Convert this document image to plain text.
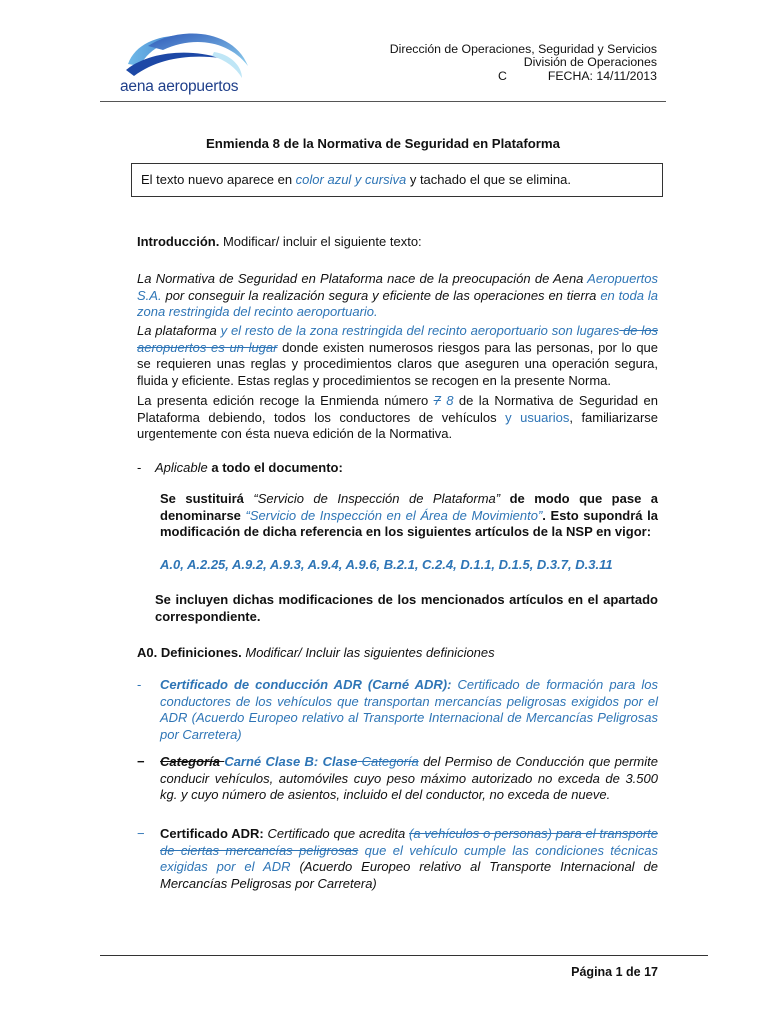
aena aeropuertos
Dirección de Operaciones, Seguridad y Servicios
División de Operaciones
C	FECHA: 14/11/2013
Enmienda 8 de la Normativa de Seguridad en Plataforma
El texto nuevo aparece en color azul y cursiva y tachado el que se elimina.
Introducción. Modificar/ incluir el siguiente texto:
La Normativa de Seguridad en Plataforma nace de la preocupación de Aena Aeropuertos S.A. por conseguir la realización segura y eficiente de las operaciones en tierra en toda la zona restringida del recinto aeroportuario.
La plataforma y el resto de la zona restringida del recinto aeroportuario son lugares de los aeropuertos es un lugar donde existen numerosos riesgos para las personas, por lo que se requieren unas reglas y procedimientos claros que aseguren una operación segura, fluida y eficiente. Estas reglas y procedimientos se recogen en la presente Norma.
La presenta edición recoge la Enmienda número 7 8 de la Normativa de Seguridad en Plataforma debiendo, todos los conductores de vehículos y usuarios, familiarizarse urgentemente con ésta nueva edición de la Normativa.
- Aplicable a todo el documento:
Se sustituirá “Servicio de Inspección de Plataforma” de modo que pase a denominarse “Servicio de Inspección en el Área de Movimiento”. Esto supondrá la modificación de dicha referencia en los siguientes artículos de la NSP en vigor:
A.0, A.2.25, A.9.2, A.9.3, A.9.4, A.9.6, B.2.1, C.2.4, D.1.1, D.1.5, D.3.7, D.3.11
Se incluyen dichas modificaciones de los mencionados artículos en el apartado correspondiente.
A0. Definiciones. Modificar/ Incluir las siguientes definiciones
- Certificado de conducción ADR (Carné ADR): Certificado de formación para los conductores de los vehículos que transportan mercancías peligrosas exigidos por el ADR (Acuerdo Europeo relativo al Transporte Internacional de Mercancías Peligrosas por Carretera)
− Categoría Carné Clase B: Clase Categoría del Permiso de Conducción que permite conducir vehículos, automóviles cuyo peso máximo autorizado no exceda de 3.500 kg. y cuyo número de asientos, incluido el del conductor, no exceda de nueve.
− Certificado ADR: Certificado que acredita (a vehículos o personas) para el transporte de ciertas mercancías peligrosas que el vehículo cumple las condiciones técnicas exigidas por el ADR (Acuerdo Europeo relativo al Transporte Internacional de Mercancías Peligrosas por Carretera)
Página 1 de 17
